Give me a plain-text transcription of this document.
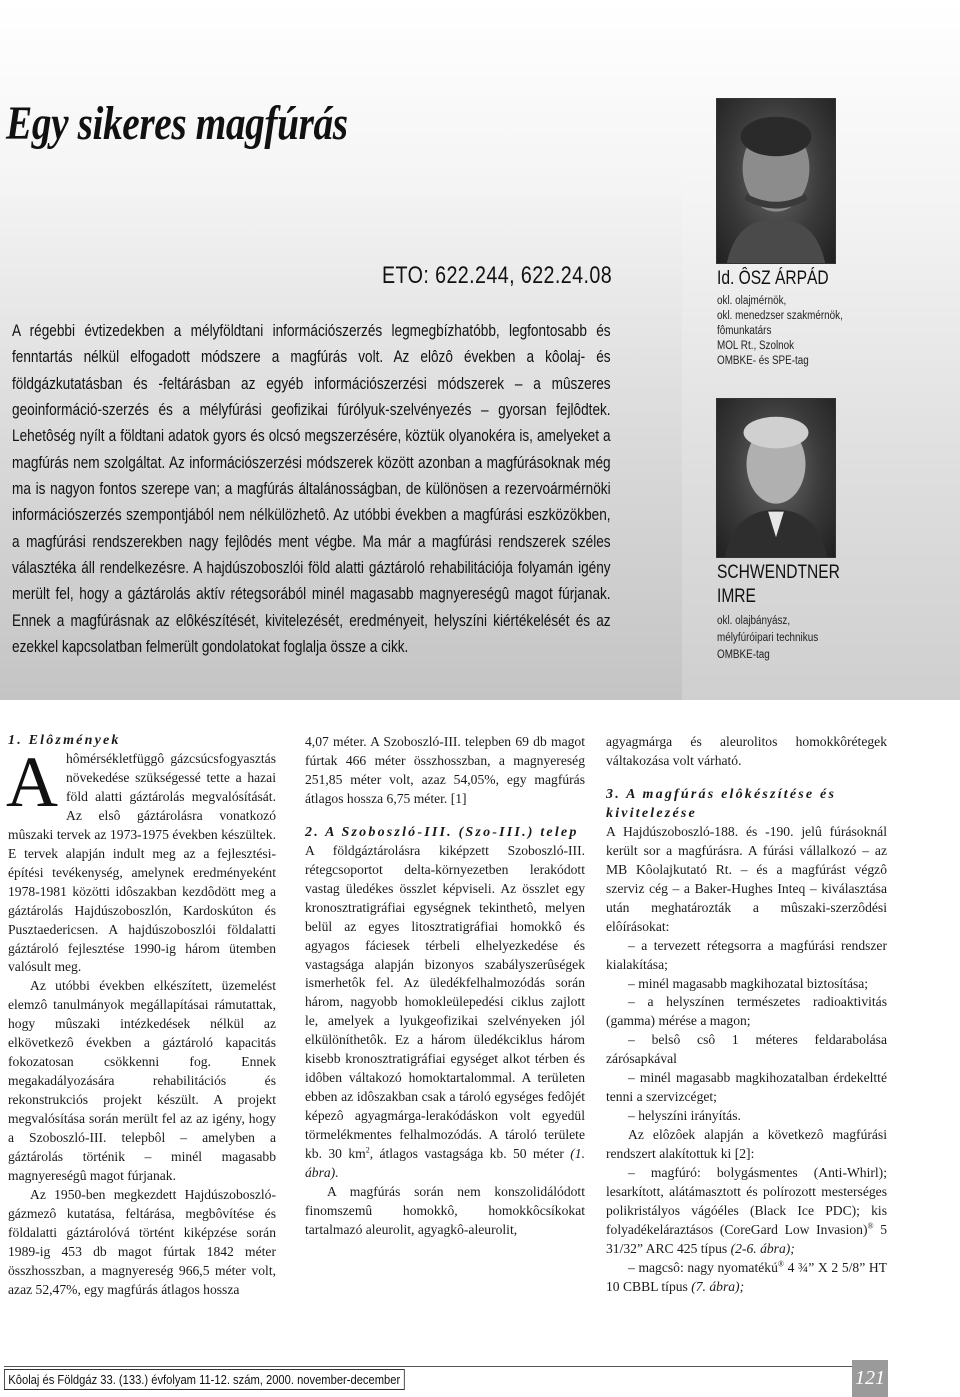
Egy sikeres magfúrás
ETO: 622.244, 622.24.08

A régebbi évtizedekben a mélyföldtani információszerzés legmegbízhatóbb, legfontosabb és fenntartás nélkül elfogadott módszere a magfúrás volt. Az elôzô években a kôolaj- és földgázkutatásban és -feltárásban az egyéb információszerzési módszerek – a mûszeres geoinformáció-szerzés és a mélyfúrási geofizikai fúrólyuk-szelvényezés – gyorsan fejlôdtek. Lehetôség nyílt a földtani adatok gyors és olcsó megszerzésére, köztük olyanokéra is, amelyeket a magfúrás nem szolgáltat. Az információszerzési módszerek között azonban a magfúrásoknak még ma is nagyon fontos szerepe van; a magfúrás általánosságban, de különösen a rezervoármérnöki információszerzés szempontjából nem nélkülözhetô. Az utóbbi években a magfúrási eszközökben, a magfúrási rendszerekben nagy fejlôdés ment végbe. Ma már a magfúrási rendszerek széles választéka áll rendelkezésre. A hajdúszoboszlói föld alatti gáztároló rehabilitációja folyamán igény merült fel, hogy a gáztárolás aktív rétegsorából minél magasabb magnyereségû magot fúrjanak. Ennek a magfúrásnak az elôkészítését, kivitelezését, eredményeit, helyszíni kiértékelését és az ezekkel kapcsolatban felmerült gondolatokat foglalja össze a cikk.

Id. ÔSZ ÁRPÁD
okl. olajmérnök,
okl. menedzser szakmérnök,
fômunkatárs
MOL Rt., Szolnok
OMBKE- és SPE-tag
SCHWENDTNER
IMRE
okl. olajbányász,
mélyfúróipari technikus
OMBKE-tag
1. Elôzmények

Ahômérsékletfüggô gázcsúcsfogyasztás növekedése szükségessé tette a hazai föld alatti gáztárolás megvalósítását. Az elsô gáztárolásra vonatkozó mûszaki tervek az 1973-1975 években készültek. E tervek alapján indult meg az a fejlesztési-építési tevékenység, amelynek eredményeként 1978-1981 közötti idôszakban kezdôdött meg a gáztárolás Hajdúszoboszlón, Kardoskúton és Pusztaedericsen. A hajdúszoboszlói földalatti gáztároló fejlesztése 1990-ig három ütemben valósult meg.

Az utóbbi években elkészített, üzemelést elemzô tanulmányok megállapításai rámutattak, hogy mûszaki intézkedések nélkül az elkövetkezô években a gáztároló kapacitás fokozatosan csökkenni fog. Ennek megakadályozására rehabilitációs és rekonstrukciós projekt készült. A projekt megvalósítása során merült fel az az igény, hogy a Szoboszló-III. telepbôl – amelyben a gáztárolás történik – minél magasabb magnyereségû magot fúrjanak.

Az 1950-ben megkezdett Hajdúszoboszló-gázmezô kutatása, feltárása, megbôvítése és földalatti gáztárolóvá történt kiképzése során 1989-ig 453 db magot fúrtak 1842 méter összhosszban, a magnyereség 966,5 méter volt, azaz 52,47%, egy magfúrás átlagos hossza

4,07 méter. A Szoboszló-III. telepben 69 db magot fúrtak 466 méter összhosszban, a magnyereség 251,85 méter volt, azaz 54,05%, egy magfúrás átlagos hossza 6,75 méter. [1]

2. A Szoboszló-III. (Szo-III.) telep

A földgáztárolásra kiképzett Szoboszló-III. rétegcsoportot delta-környezetben lerakódott vastag üledékes összlet képviseli. Az összlet egy kronosztratigráfiai egységnek tekinthetô, melyen belül az egyes litosztratigráfiai homokkô és agyagos fáciesek térbeli elhelyezkedése és vastagsága alapján bizonyos szabályszerûségek ismerhetôk fel. Az üledékfelhalmozódás során három, nagyobb homokleülepedési ciklus zajlott le, amelyek a lyukgeofizikai szelvényeken jól elkülöníthetôk. Ez a három üledékciklus három kisebb kronosztratigráfiai egységet alkot térben és idôben váltakozó homoktartalommal. A területen ebben az idôszakban csak a tároló egységes fedôjét képezô agyagmárga-lerakódáskon volt egyedül törmelékmentes felhalmozódás. A tároló területe kb. 30 $km^2$, átlagos vastagsága kb. 50 méter (1. ábra).

A magfúrás során nem konszolidálódott finomszemû homokkô, homokkôcsíkokat tartalmazó aleurolit, agyagkô-aleurolit,

agyagmárga és aleurolitos homokkôrétegek váltakozása volt várható.

3. A magfúrás elôkészítése és kivitelezése

A Hajdúszoboszló-188. és -190. jelû fúrásoknál került sor a magfúrásra. A fúrási vállalkozó – az MB Kôolajkutató Rt. – és a magfúrást végzô szerviz cég – a Baker-Hughes Inteq – kiválasztása után meghatározták a mûszaki-szerzôdési elôírásokat:

– a tervezett rétegsorra a magfúrási rendszer kialakítása;

– minél magasabb magkihozatal biztosítása;

– a helyszínen természetes radioaktivitás (gamma) mérése a magon;

– belsô csô 1 méteres feldarabolása zárósapkával

– minél magasabb magkihozatalban érdekeltté tenni a szervizcéget;

– helyszíni irányítás.

Az elôzôek alapján a következô magfúrási rendszert alakítottuk ki [2]:

– magfúró: bolygásmentes (Anti-Whirl); lesarkított, alátámasztott és polírozott mesterséges polikristályos vágóéles (Black Ice PDC); kis folyadékeláraztásos (CoreGard Low Invasion)® 5 31/32” ARC 425 típus (2-6. ábra);

– magcsô: nagy nyomatékú® 4 ¾” X 2 5/8” HT 10 CBBL típus (7. ábra);

Kôolaj és Földgáz 33. (133.) évfolyam 11-12. szám, 2000. november-december	121
